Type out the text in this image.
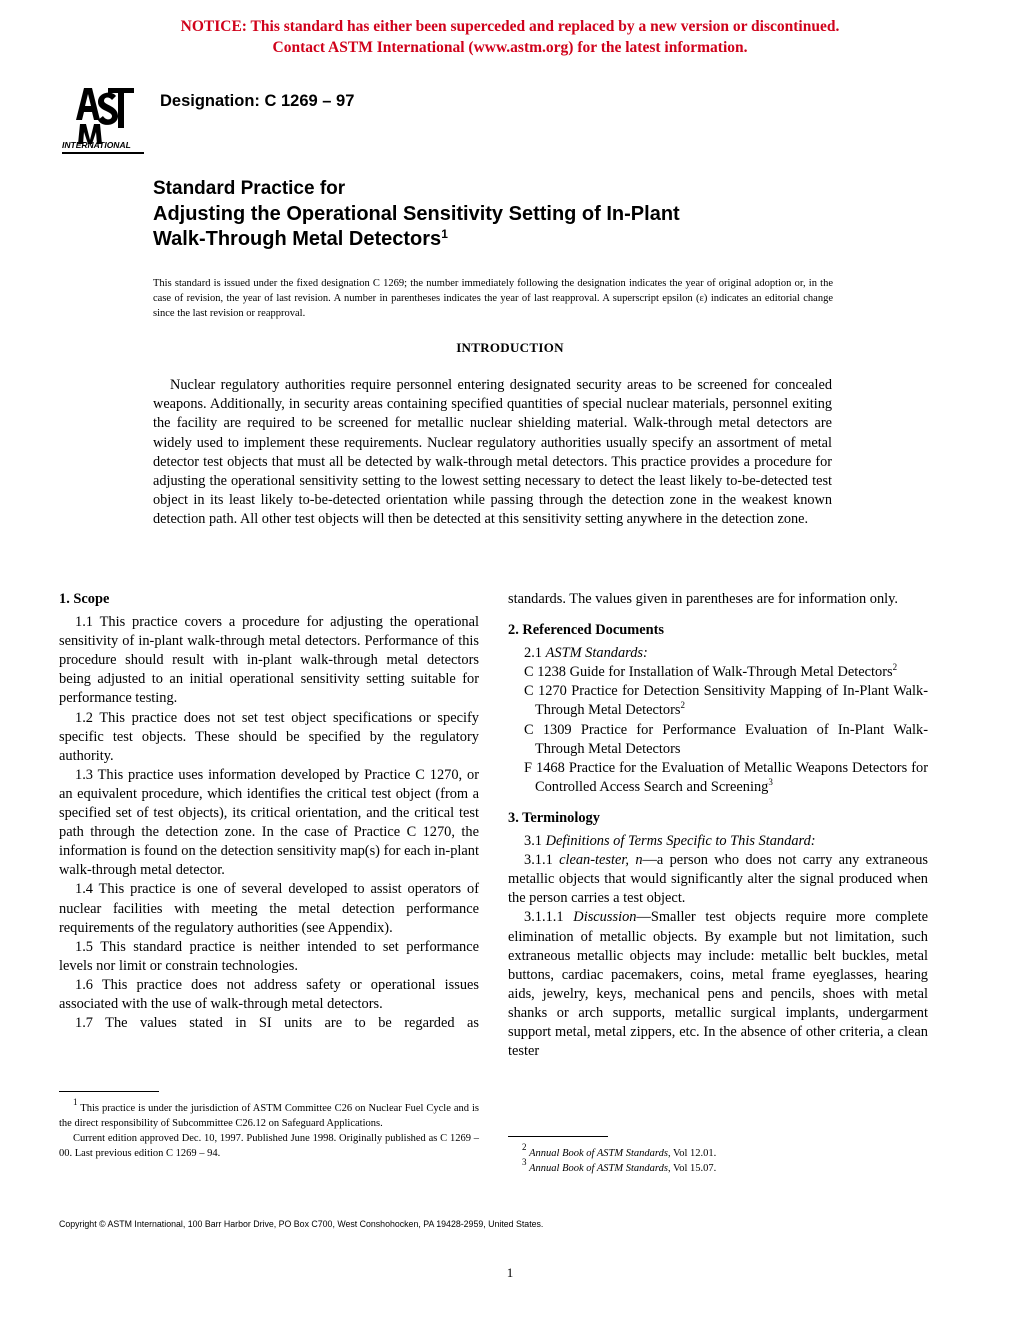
NOTICE: This standard has either been superceded and replaced by a new version or discontinued.
Contact ASTM International (www.astm.org) for the latest information.
INTERNATIONAL
Designation: C 1269 – 97
Standard Practice for
Adjusting the Operational Sensitivity Setting of In-Plant
Walk-Through Metal Detectors$^1$
This standard is issued under the fixed designation C 1269; the number immediately following the designation indicates the year of original adoption or, in the case of revision, the year of last revision. A number in parentheses indicates the year of last reapproval. A superscript epsilon (ε) indicates an editorial change since the last revision or reapproval.
INTRODUCTION
Nuclear regulatory authorities require personnel entering designated security areas to be screened for concealed weapons. Additionally, in security areas containing specified quantities of special nuclear materials, personnel exiting the facility are required to be screened for metallic nuclear shielding material. Walk-through metal detectors are widely used to implement these requirements. Nuclear regulatory authorities usually specify an assortment of metal detector test objects that must all be detected by walk-through metal detectors. This practice provides a procedure for adjusting the operational sensitivity setting to the lowest setting necessary to detect the least likely to-be-detected test object in its least likely to-be-detected orientation while passing through the detection zone in the weakest known detection path. All other test objects will then be detected at this sensitivity setting anywhere in the detection zone.

1. Scope

1.1 This practice covers a procedure for adjusting the operational sensitivity of in-plant walk-through metal detectors. Performance of this procedure should result with in-plant walk-through metal detectors being adjusted to an initial operational sensitivity setting suitable for performance testing.

1.2 This practice does not set test object specifications or specify specific test objects. These should be specified by the regulatory authority.

1.3 This practice uses information developed by Practice C 1270, or an equivalent procedure, which identifies the critical test object (from a specified set of test objects), its critical orientation, and the critical test path through the detection zone. In the case of Practice C 1270, the information is found on the detection sensitivity map(s) for each in-plant walk-through metal detector.

1.4 This practice is one of several developed to assist operators of nuclear facilities with meeting the metal detection performance requirements of the regulatory authorities (see Appendix).

1.5 This standard practice is neither intended to set performance levels nor limit or constrain technologies.

1.6 This practice does not address safety or operational issues associated with the use of walk-through metal detectors.

1.7 The values stated in SI units are to be regarded as

$^1$ This practice is under the jurisdiction of ASTM Committee C26 on Nuclear Fuel Cycle and is the direct responsibility of Subcommittee C26.12 on Safeguard Applications.

Current edition approved Dec. 10, 1997. Published June 1998. Originally published as C 1269 – 00. Last previous edition C 1269 – 94.

standards. The values given in parentheses are for information only.

2. Referenced Documents

2.1 ASTM Standards:

C 1238 Guide for Installation of Walk-Through Metal Detectors$^2$

C 1270 Practice for Detection Sensitivity Mapping of In-Plant Walk-Through Metal Detectors$^2$

C 1309 Practice for Performance Evaluation of In-Plant Walk-Through Metal Detectors

F 1468 Practice for the Evaluation of Metallic Weapons Detectors for Controlled Access Search and Screening$^3$

3. Terminology

3.1 Definitions of Terms Specific to This Standard:

3.1.1 clean-tester, n—a person who does not carry any extraneous metallic objects that would significantly alter the signal produced when the person carries a test object.

3.1.1.1 Discussion—Smaller test objects require more complete elimination of metallic objects. By example but not limitation, such extraneous metallic objects may include: metallic belt buckles, metal buttons, cardiac pacemakers, coins, metal frame eyeglasses, hearing aids, jewelry, keys, mechanical pens and pencils, shoes with metal shanks or arch supports, metallic surgical implants, undergarment support metal, metal zippers, etc. In the absence of other criteria, a clean tester

$^2$ Annual Book of ASTM Standards, Vol 12.01.

$^3$ Annual Book of ASTM Standards, Vol 15.07.

Copyright © ASTM International, 100 Barr Harbor Drive, PO Box C700, West Conshohocken, PA 19428-2959, United States.
1
